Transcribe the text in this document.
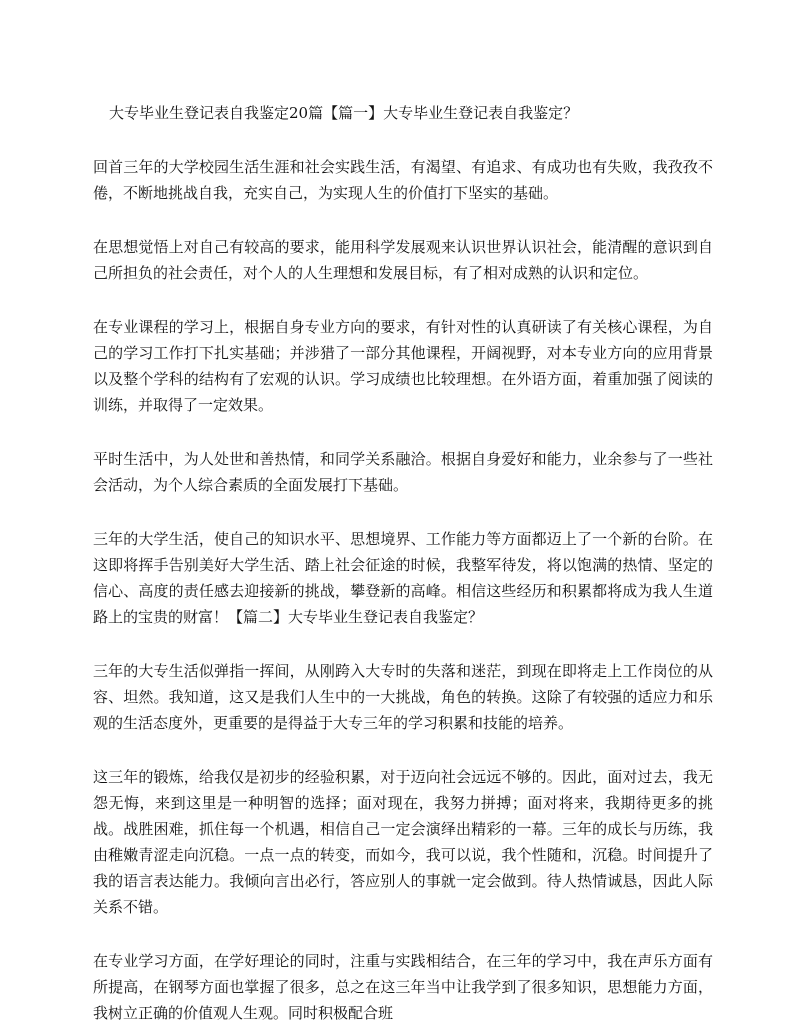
大专毕业生登记表自我鉴定20篇【篇一】大专毕业生登记表自我鉴定？

回首三年的大学校园生活生涯和社会实践生活，有渴望、有追求、有成功也有失败，我孜孜不倦，不断地挑战自我，充实自己，为实现人生的价值打下坚实的基础。

在思想觉悟上对自己有较高的要求，能用科学发展观来认识世界认识社会，能清醒的意识到自己所担负的社会责任，对个人的人生理想和发展目标，有了相对成熟的认识和定位。

在专业课程的学习上，根据自身专业方向的要求，有针对性的认真研读了有关核心课程，为自己的学习工作打下扎实基础；并涉猎了一部分其他课程，开阔视野，对本专业方向的应用背景以及整个学科的结构有了宏观的认识。学习成绩也比较理想。在外语方面，着重加强了阅读的训练，并取得了一定效果。

平时生活中，为人处世和善热情，和同学关系融洽。根据自身爱好和能力，业余参与了一些社会活动，为个人综合素质的全面发展打下基础。

三年的大学生活，使自己的知识水平、思想境界、工作能力等方面都迈上了一个新的台阶。在这即将挥手告别美好大学生活、踏上社会征途的时候，我整军待发，将以饱满的热情、坚定的信心、高度的责任感去迎接新的挑战，攀登新的高峰。相信这些经历和积累都将成为我人生道路上的宝贵的财富！【篇二】大专毕业生登记表自我鉴定？

三年的大专生活似弹指一挥间，从刚跨入大专时的失落和迷茫，到现在即将走上工作岗位的从容、坦然。我知道，这又是我们人生中的一大挑战，角色的转换。这除了有较强的适应力和乐观的生活态度外，更重要的是得益于大专三年的学习积累和技能的培养。

这三年的锻炼，给我仅是初步的经验积累，对于迈向社会远远不够的。因此，面对过去，我无怨无悔，来到这里是一种明智的选择；面对现在，我努力拼搏；面对将来，我期待更多的挑战。战胜困难，抓住每一个机遇，相信自己一定会演绎出精彩的一幕。三年的成长与历练，我由稚嫩青涩走向沉稳。一点一点的转变，而如今，我可以说，我个性随和，沉稳。时间提升了我的语言表达能力。我倾向言出必行，答应别人的事就一定会做到。待人热情诚恳，因此人际关系不错。

在专业学习方面，在学好理论的同时，注重与实践相结合，在三年的学习中，我在声乐方面有所提高，在钢琴方面也掌握了很多，总之在这三年当中让我学到了很多知识，思想能力方面，我树立正确的价值观人生观。同时积极配合班
